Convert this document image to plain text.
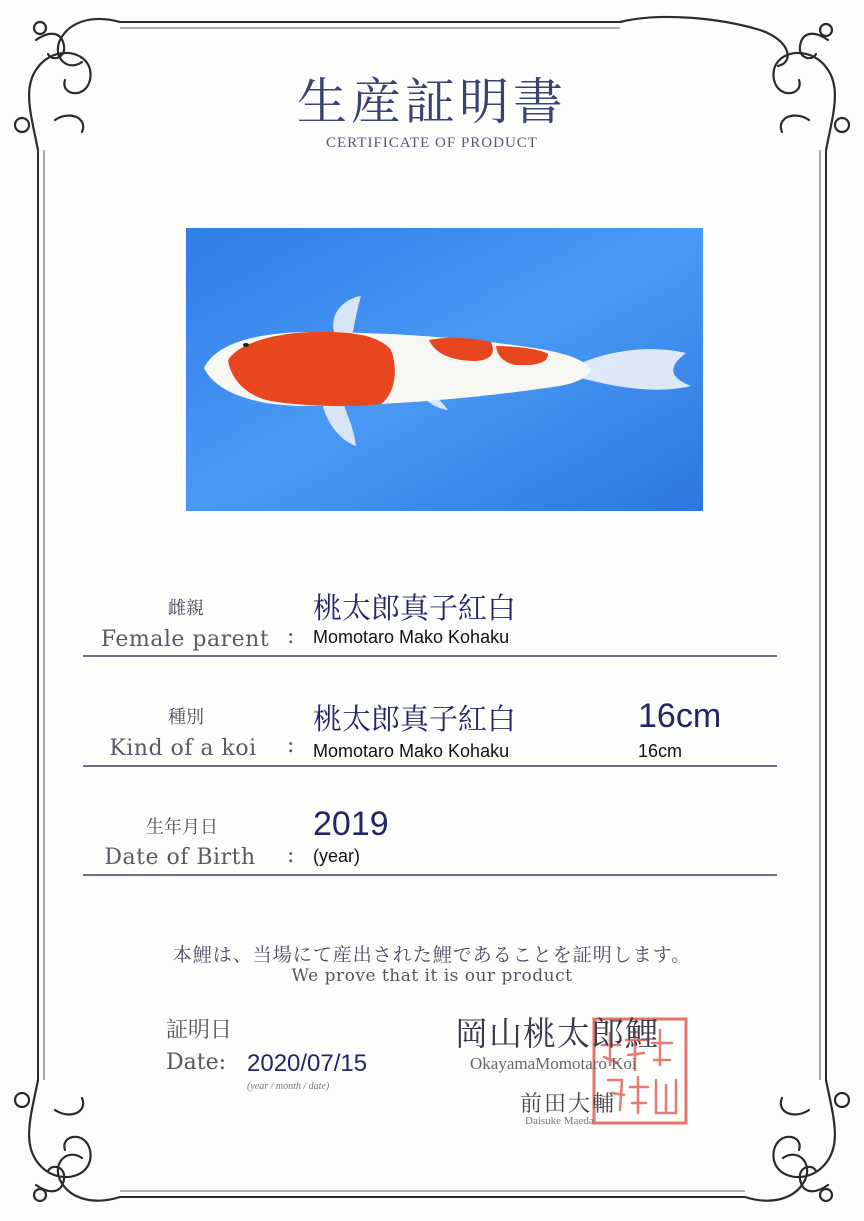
生産証明書
CERTIFICATE OF PRODUCT
雌親
Female parent :
桃太郎真子紅白
Momotaro Mako Kohaku
種別
Kind of a koi	:
桃太郎真子紅白
Momotaro Mako Kohaku
16cm
16cm
生年月日
Date of Birth	:
2019
(year)
本鯉は、当場にて産出された鯉であることを証明します。
We prove that it is our product
証明日
Date: 2020/07/15
(year / month / date)
岡山桃太郎鯉
OkayamaMomotaro Koi
前田大輔
Daisuke Maeda
